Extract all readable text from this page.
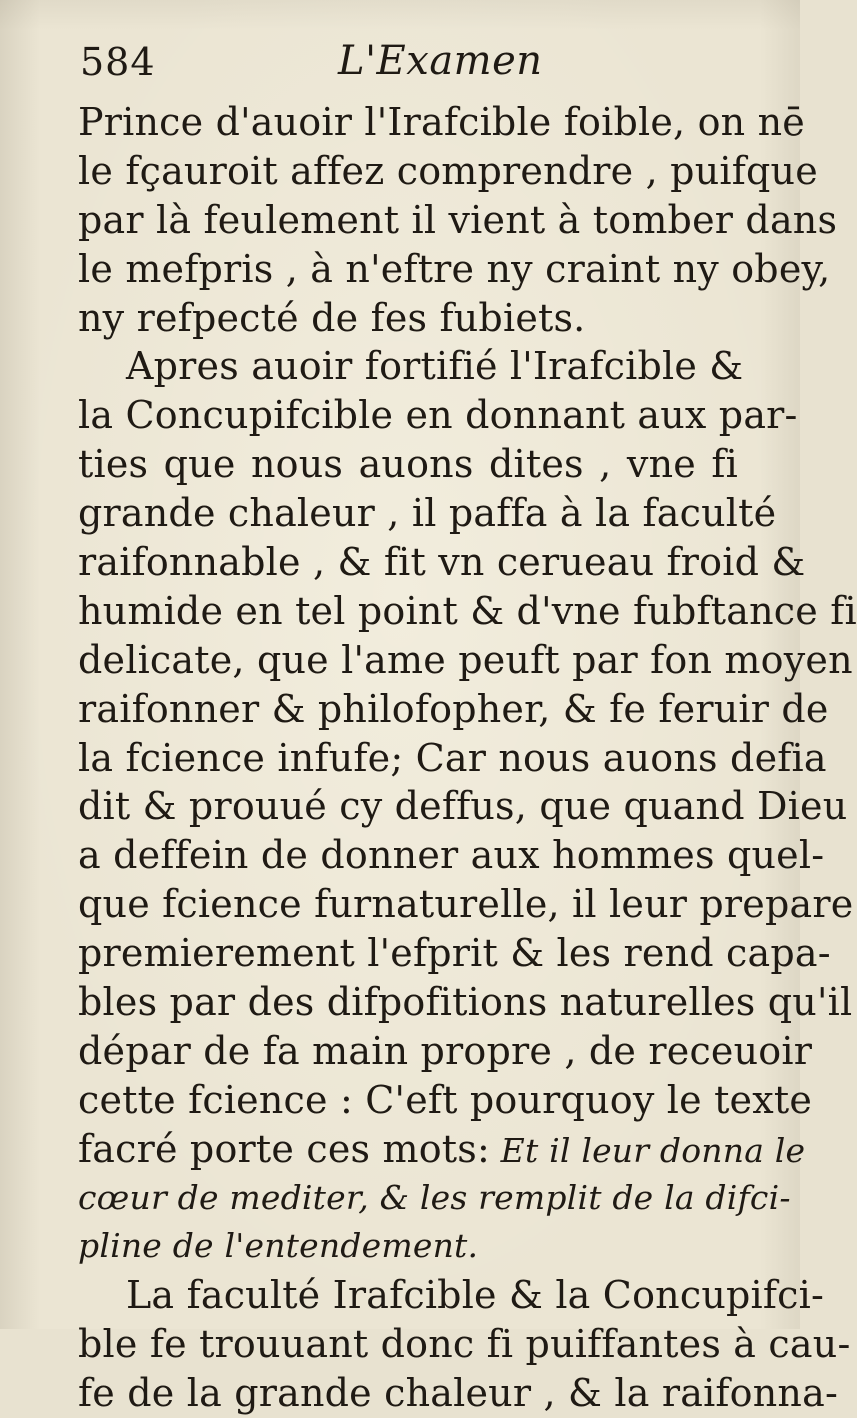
584	L'Examen
Prince d'auoir l'Irafcible foible, on nē
le fçauroit affez comprendre , puifque
par là feulement il vient à tomber dans
le mefpris , à n'eftre ny craint ny obey,
ny refpecté de fes fubiets.
Apres auoir fortifié l'Irafcible &
la Concupifcible en donnant aux par-
ties que nous auons dites , vne fi
grande chaleur , il paffa à la faculté
raifonnable , & fit vn cerueau froid &
humide en tel point & d'vne fubftance fi
delicate, que l'ame peuft par fon moyen
raifonner & philofopher, & fe feruir de
la fcience infufe; Car nous auons defia
dit & prouué cy deffus, que quand Dieu
a deffein de donner aux hommes quel-
que fcience furnaturelle, il leur prepare
premierement l'efprit & les rend capa-
bles par des difpofitions naturelles qu'il
dépar de fa main propre , de receuoir
cette fcience : C'eft pourquoy le texte
facré porte ces mots: Et il leur donna le
cœur de mediter, & les remplit de la difci-
pline de l'entendement.
La faculté Irafcible & la Concupifci-
ble fe trouuant donc fi puiffantes à cau-
fe de la grande chaleur , & la raifonna-
